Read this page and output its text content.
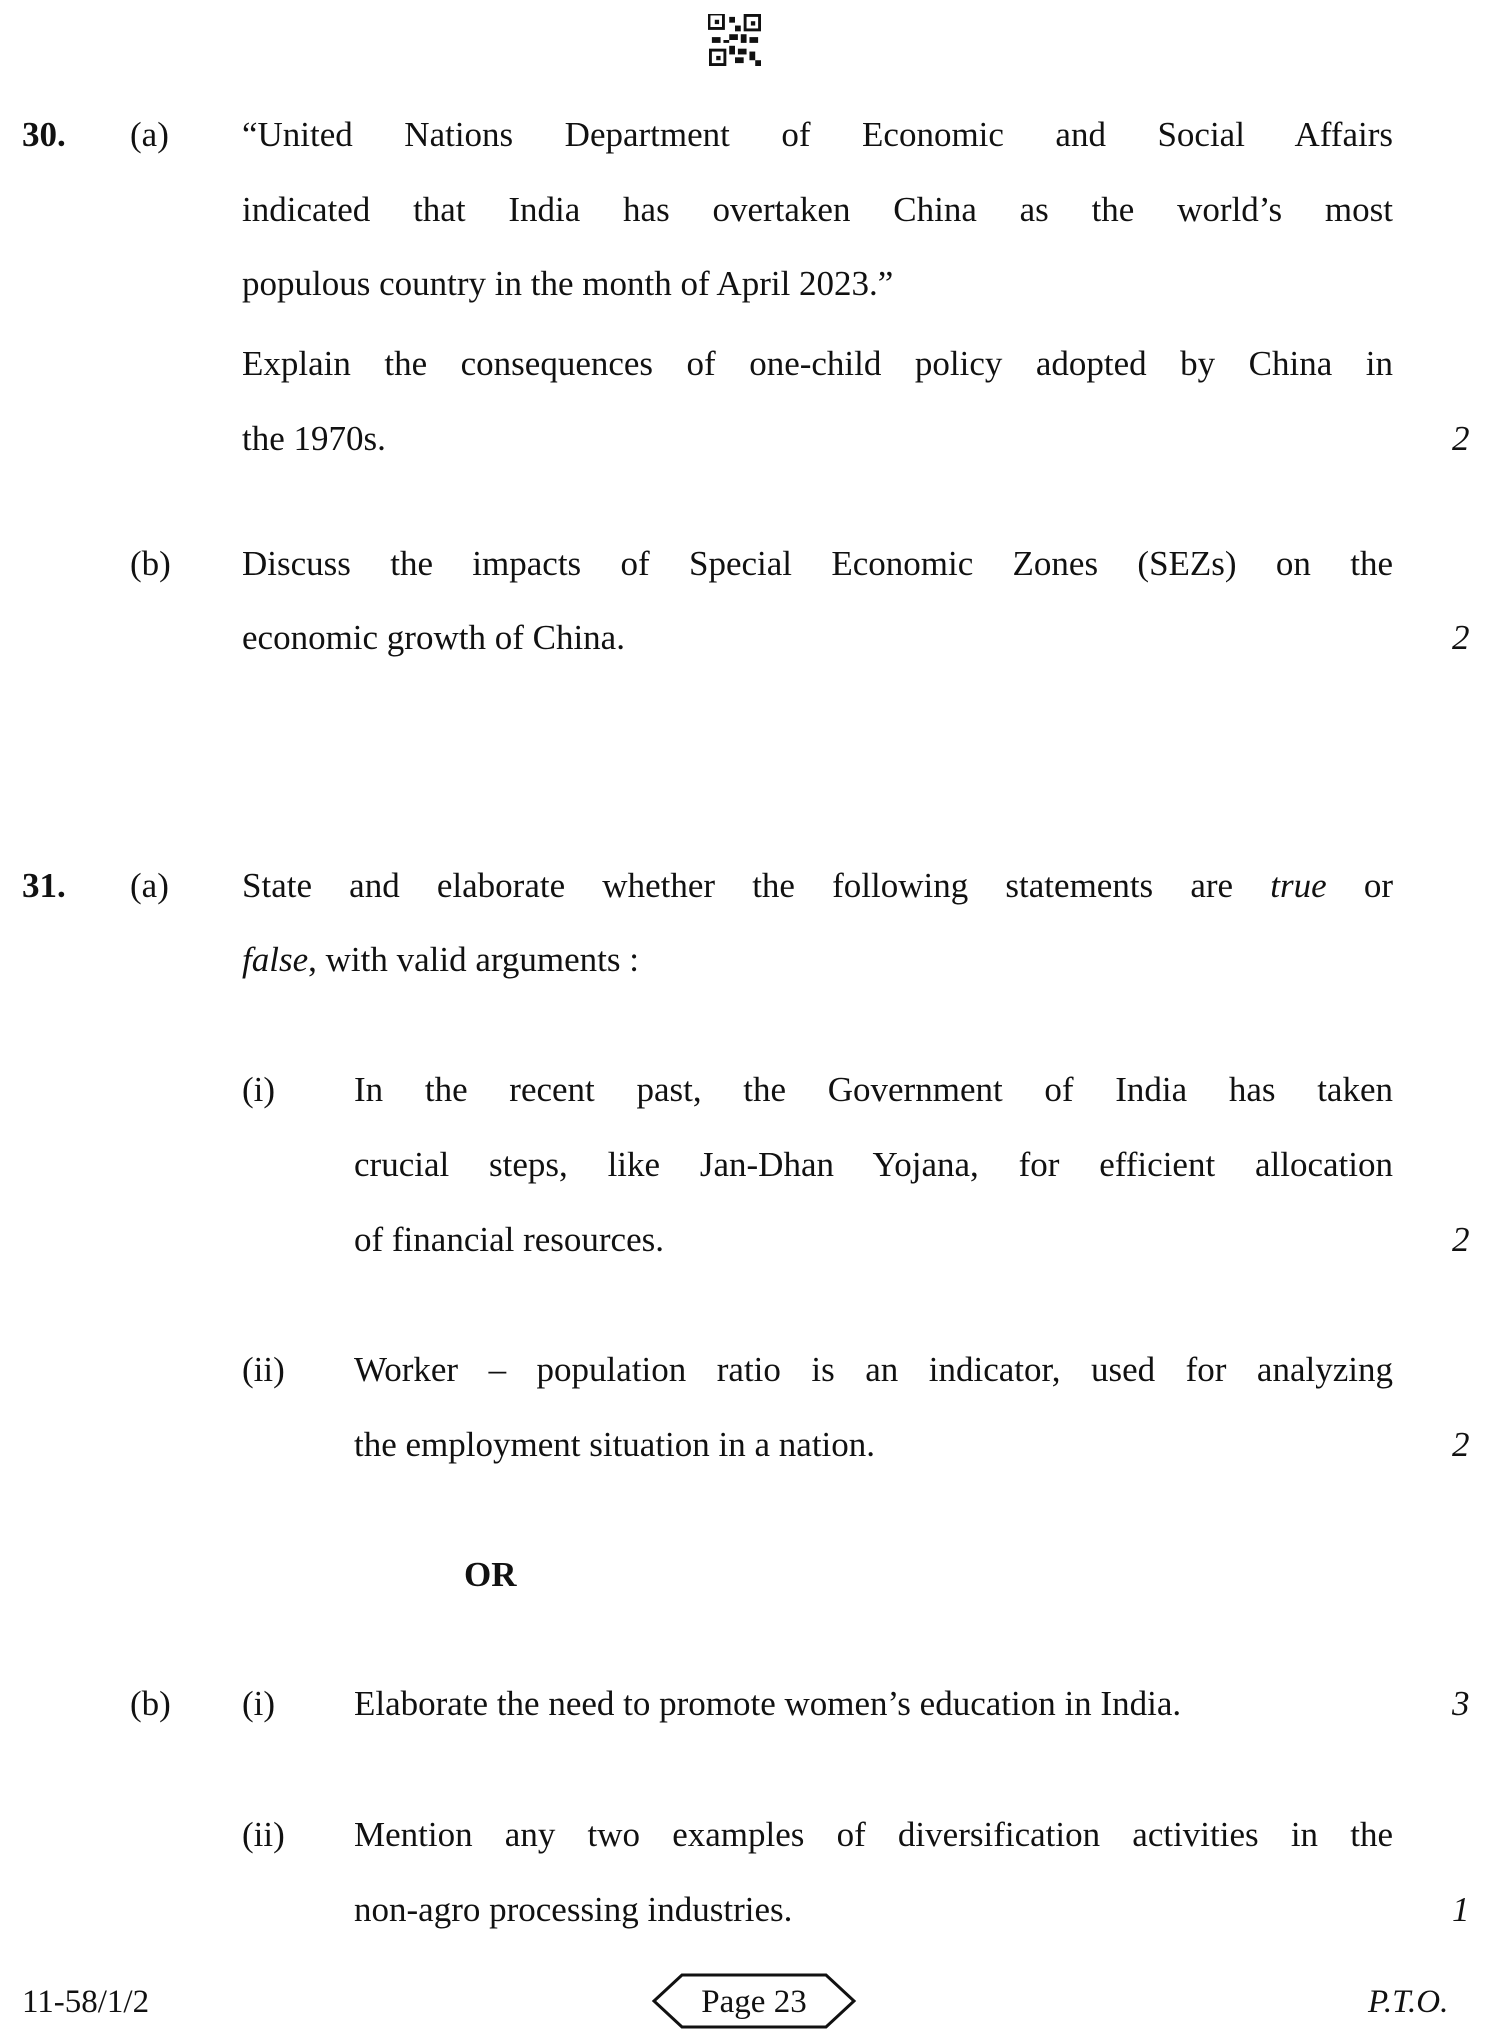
30. (a) “United Nations Department of Economic and Social Affairs
indicated that India has overtaken China as the world’s most
populous country in the month of April 2023.”
Explain the consequences of one-child policy adopted by China in
the 1970s.	2
(b) Discuss the impacts of Special Economic Zones (SEZs) on the
economic growth of China.	2
31. (a) State and elaborate whether the following statements are true or
false, with valid arguments :
(i) In the recent past, the Government of India has taken
crucial steps, like Jan-Dhan Yojana, for efficient allocation
of financial resources.	2
(ii) Worker – population ratio is an indicator, used for analyzing
the employment situation in a nation.	2
OR
(b) (i) Elaborate the need to promote women’s education in India.	3
(ii) Mention any two examples of diversification activities in the
non-agro processing industries.	1
11-58/1/2	Page 23	P.T.O.
